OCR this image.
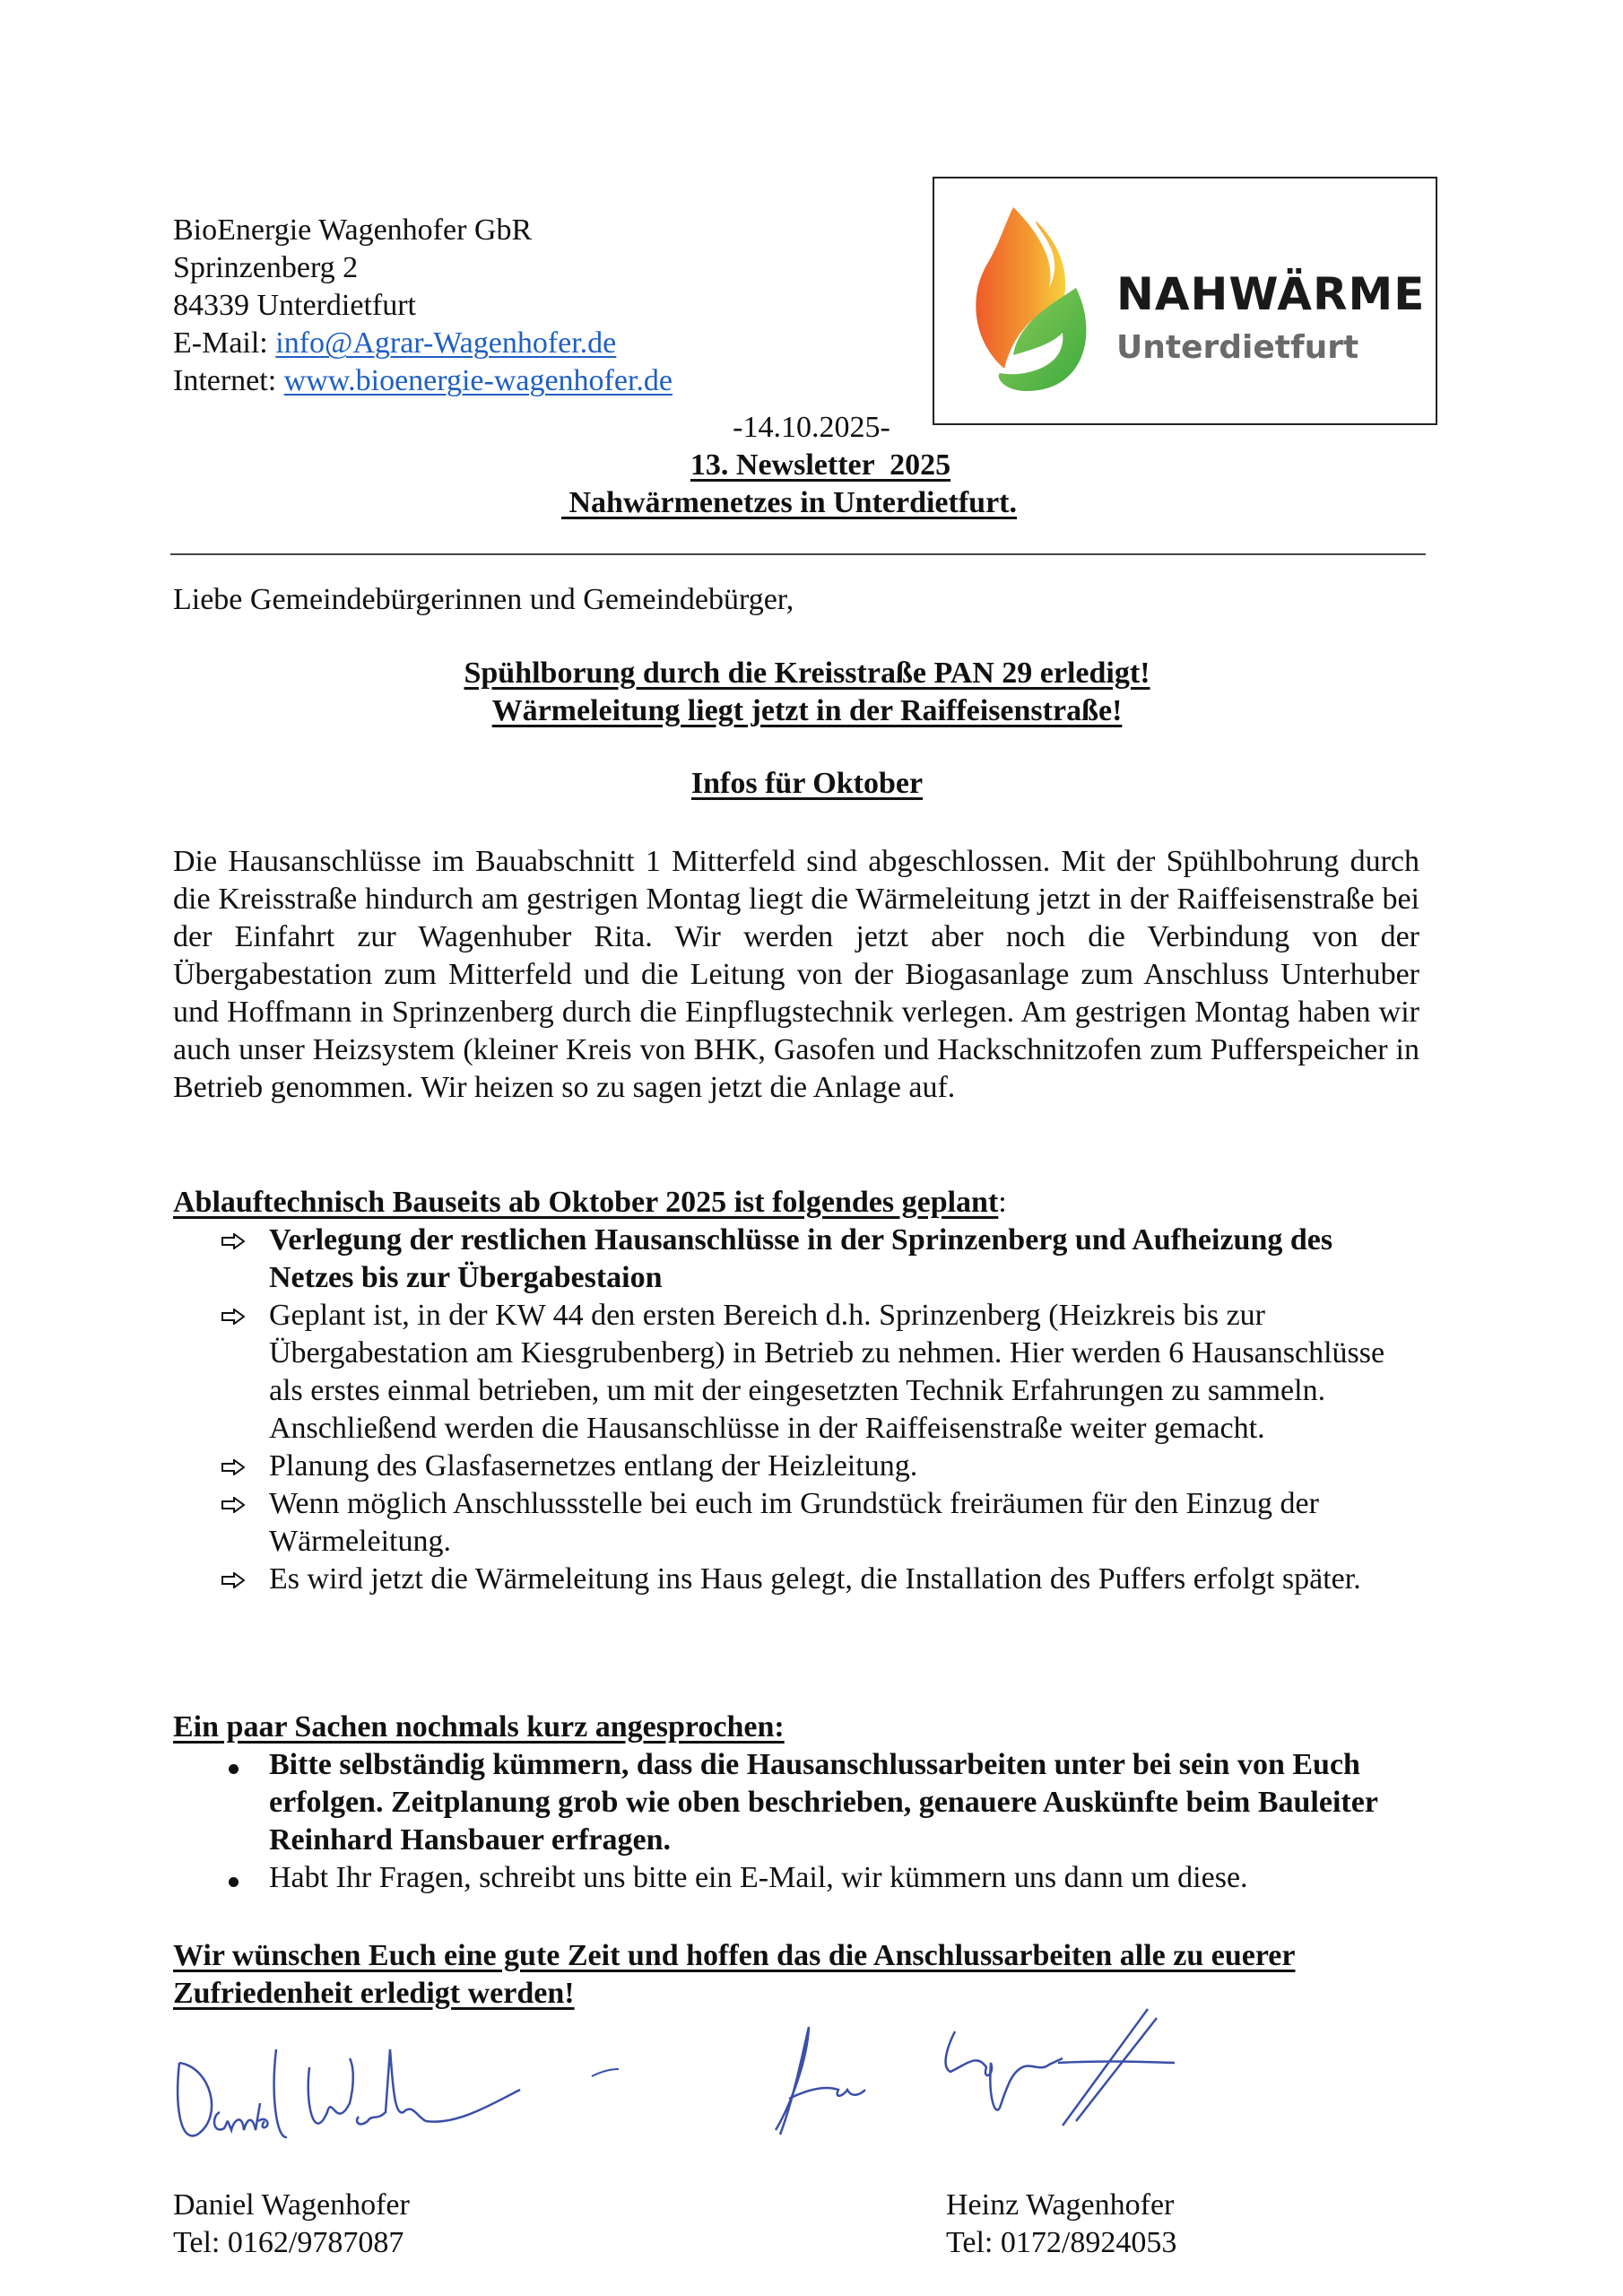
BioEnergie Wagenhofer GbR
Sprinzenberg 2
84339 Unterdietfurt
E-Mail: info@Agrar-Wagenhofer.de
Internet: www.bioenergie-wagenhofer.de
NAHWÄRME
Unterdietfurt
-14.10.2025-
13. Newsletter  2025
Nahwärmenetzes in Unterdietfurt.
Liebe Gemeindebürgerinnen und Gemeindebürger,
Spühlborung durch die Kreisstraße PAN 29 erledigt!
Wärmeleitung liegt jetzt in der Raiffeisenstraße!
Infos für Oktober

Die Hausanschlüsse im Bauabschnitt 1 Mitterfeld sind abgeschlossen. Mit der Spühlbohrung durch die Kreisstraße hindurch am gestrigen Montag liegt die Wärmeleitung jetzt in der Raiffeisenstraße bei der Einfahrt zur Wagenhuber Rita. Wir werden jetzt aber noch die Verbindung von der Übergabestation zum Mitterfeld und die Leitung von der Biogasanlage zum Anschluss Unterhuber und Hoffmann in Sprinzenberg durch die Einpflugstechnik verlegen. Am gestrigen Montag haben wir auch unser Heizsystem (kleiner Kreis von BHK, Gasofen und Hackschnitzofen zum Pufferspeicher in Betrieb genommen. Wir heizen so zu sagen jetzt die Anlage auf.

Ablauftechnisch Bauseits ab Oktober 2025 ist folgendes geplant:
Verlegung der restlichen Hausanschlüsse in der Sprinzenberg und Aufheizung des Netzes bis zur Übergabestaion
Geplant ist, in der KW 44 den ersten Bereich d.h. Sprinzenberg (Heizkreis bis zur Übergabestation am Kiesgrubenberg) in Betrieb zu nehmen. Hier werden 6 Hausanschlüsse als erstes einmal betrieben, um mit der eingesetzten Technik Erfahrungen zu sammeln.
Anschließend werden die Hausanschlüsse in der Raiffeisenstraße weiter gemacht.
Planung des Glasfasernetzes entlang der Heizleitung.
Wenn möglich Anschlussstelle bei euch im Grundstück freiräumen für den Einzug der Wärmeleitung.
Es wird jetzt die Wärmeleitung ins Haus gelegt, die Installation des Puffers erfolgt später.
Ein paar Sachen nochmals kurz angesprochen:
Bitte selbständig kümmern, dass die Hausanschlussarbeiten unter bei sein von Euch erfolgen. Zeitplanung grob wie oben beschrieben, genauere Auskünfte beim Bauleiter Reinhard Hansbauer erfragen.
Habt Ihr Fragen, schreibt uns bitte ein E-Mail, wir kümmern uns dann um diese.
Wir wünschen Euch eine gute Zeit und hoffen das die Anschlussarbeiten alle zu euerer
Zufriedenheit erledigt werden!
Daniel Wagenhofer
Tel: 0162/9787087
Heinz Wagenhofer
Tel: 0172/8924053
